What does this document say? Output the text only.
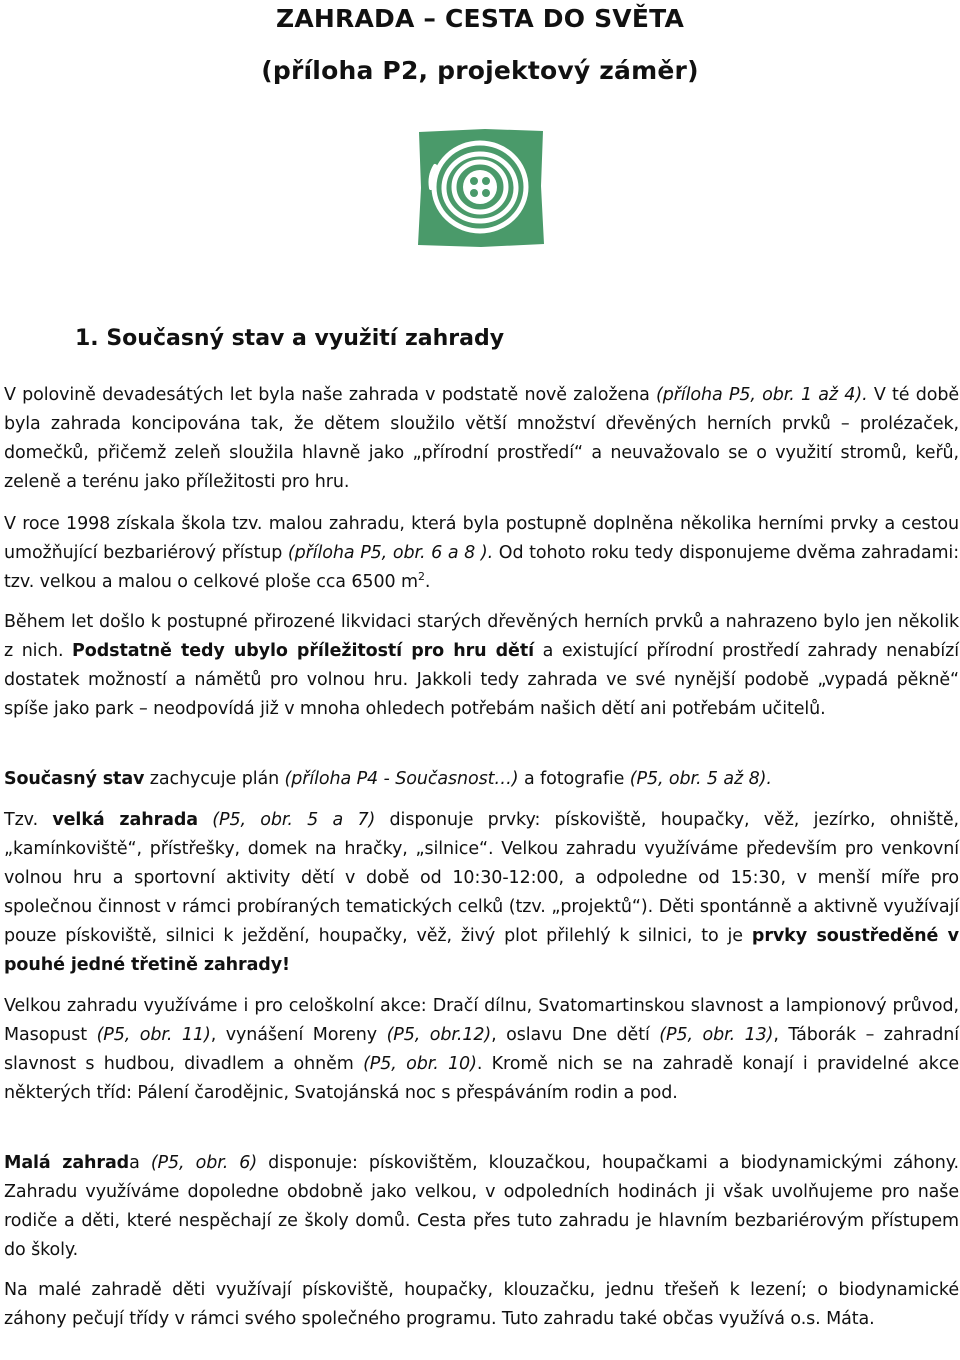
ZAHRADA – CESTA DO SVĚTA
(příloha P2, projektový záměr)
1. Současný stav a využití zahrady

V polovině devadesátých let byla naše zahrada v podstatě nově založena (příloha P5, obr. 1 až 4). V té době byla zahrada koncipována tak, že dětem sloužilo větší množství dřevěných herních prvků – prolézaček, domečků, přičemž zeleň sloužila hlavně jako „přírodní prostředí“ a neuvažovalo se o využití stromů, keřů, zeleně a terénu jako příležitosti pro hru.

V roce 1998 získala škola tzv. malou zahradu, která byla postupně doplněna několika herními prvky a cestou umožňující bezbariérový přístup (příloha P5, obr. 6 a 8 ). Od tohoto roku tedy disponujeme dvěma zahradami: tzv. velkou a malou o celkové ploše cca 6500 $m^2$.

Během let došlo k postupné přirozené likvidaci starých dřevěných herních prvků a nahrazeno bylo jen několik z nich. Podstatně tedy ubylo příležitostí pro hru dětí a existující přírodní prostředí zahrady nenabízí dostatek možností a námětů pro volnou hru. Jakkoli tedy zahrada ve své nynější podobě „vypadá pěkně“ spíše jako park – neodpovídá již v mnoha ohledech potřebám našich dětí ani potřebám učitelů.

Současný stav zachycuje plán (příloha P4 - Současnost…) a fotografie (P5, obr. 5 až 8).

Tzv. velká zahrada (P5, obr. 5 a 7) disponuje prvky: pískoviště, houpačky, věž, jezírko, ohniště, „kamínkoviště“, přístřešky, domek na hračky, „silnice“. Velkou zahradu využíváme především pro venkovní volnou hru a sportovní aktivity dětí v době od 10:30-12:00, a odpoledne od 15:30, v menší míře pro společnou činnost v rámci probíraných tematických celků (tzv. „projektů“). Děti spontánně a aktivně využívají pouze pískoviště, silnici k ježdění, houpačky, věž, živý plot přilehlý k silnici, to je prvky soustředěné v pouhé jedné třetině zahrady!

Velkou zahradu využíváme i pro celoškolní akce: Dračí dílnu, Svatomartinskou slavnost a lampionový průvod, Masopust (P5, obr. 11), vynášení Moreny (P5, obr.12), oslavu Dne dětí (P5, obr. 13), Táborák – zahradní slavnost s hudbou, divadlem a ohněm (P5, obr. 10). Kromě nich se na zahradě konají i pravidelné akce některých tříd: Pálení čarodějnic, Svatojánská noc s přespáváním rodin a pod.

Malá zahrada (P5, obr. 6) disponuje: pískovištěm, klouzačkou, houpačkami a biodynamickými záhony. Zahradu využíváme dopoledne obdobně jako velkou, v odpoledních hodinách ji však uvolňujeme pro naše rodiče a děti, které nespěchají ze školy domů. Cesta přes tuto zahradu je hlavním bezbariérovým přístupem do školy.

Na malé zahradě děti využívají pískoviště, houpačky, klouzačku, jednu třešeň k lezení; o biodynamické záhony pečují třídy v rámci svého společného programu. Tuto zahradu také občas využívá o.s. Máta.
